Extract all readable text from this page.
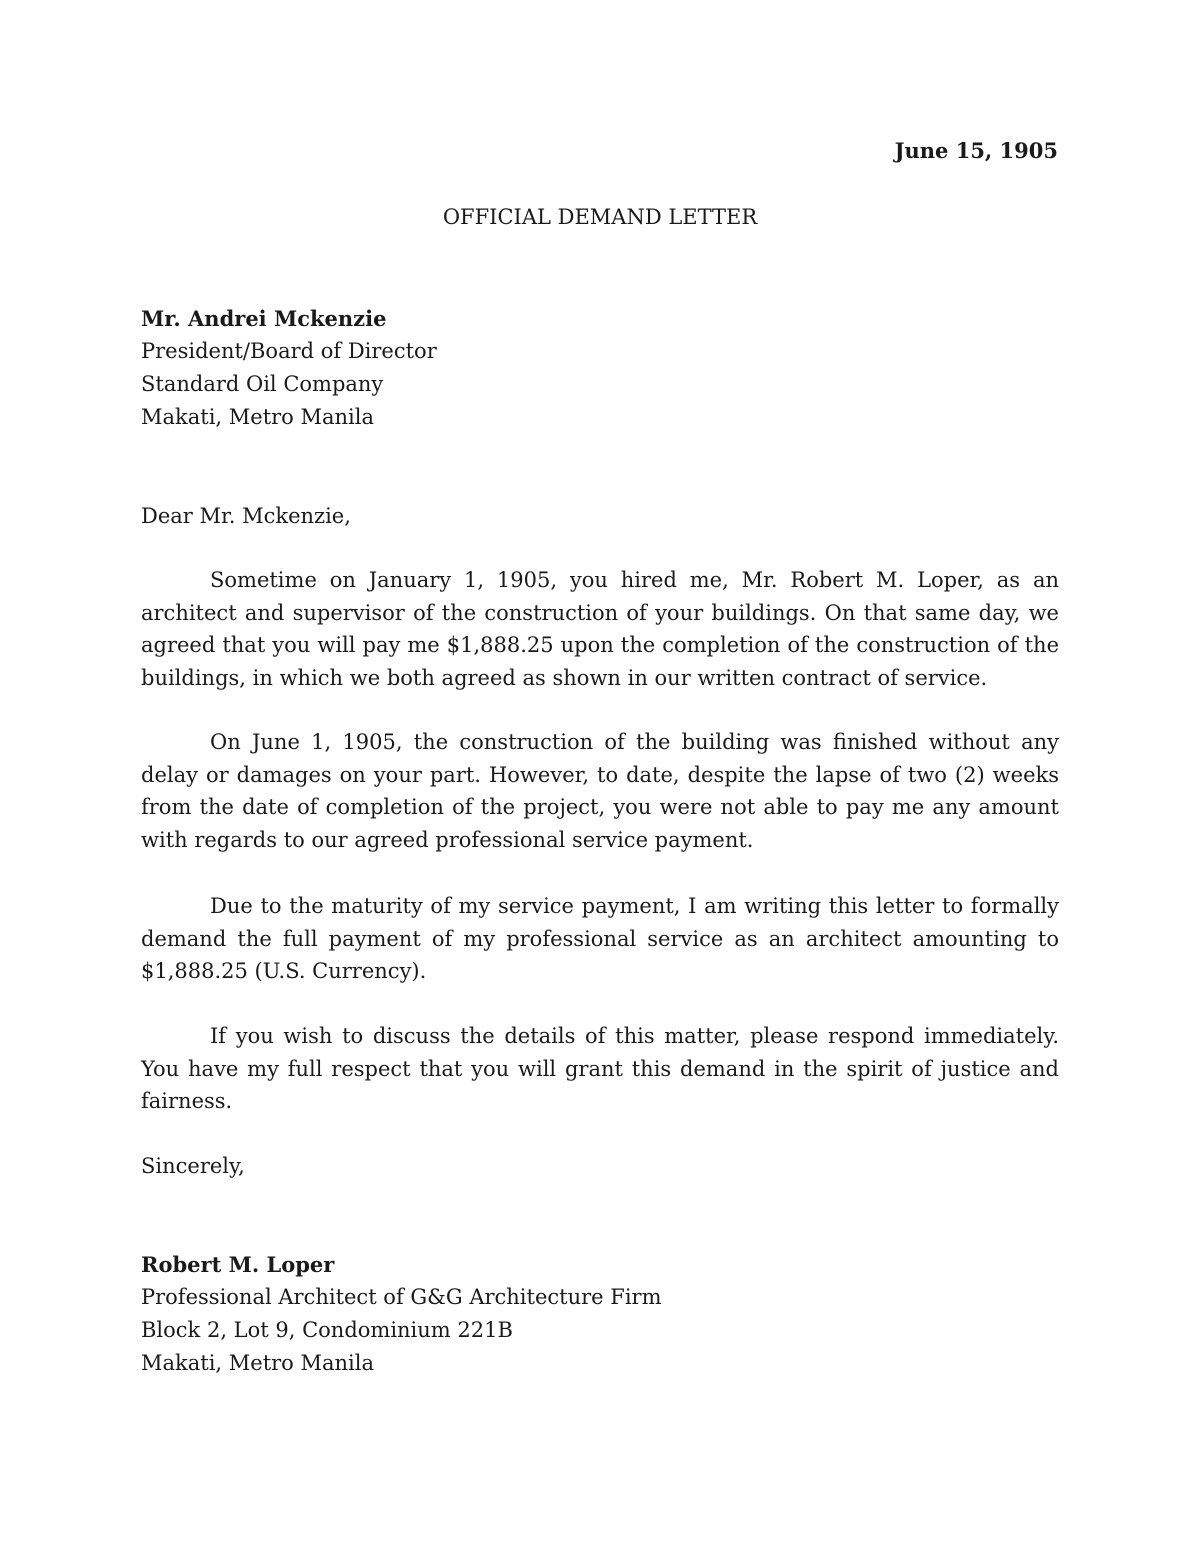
June 15, 1905
OFFICIAL DEMAND LETTER
Mr. Andrei Mckenzie
President/Board of Director
Standard Oil Company
Makati, Metro Manila
Dear Mr. Mckenzie,

Sometime on January 1, 1905, you hired me, Mr. Robert M. Loper, as an architect and supervisor of the construction of your buildings. On that same day, we agreed that you will pay me $1,888.25 upon the completion of the construction of the buildings, in which we both agreed as shown in our written contract of service.

On June 1, 1905, the construction of the building was finished without any delay or damages on your part. However, to date, despite the lapse of two (2) weeks from the date of completion of the project, you were not able to pay me any amount with regards to our agreed professional service payment.

Due to the maturity of my service payment, I am writing this letter to formally demand the full payment of my professional service as an architect amounting to $1,888.25 (U.S. Currency).

If you wish to discuss the details of this matter, please respond immediately. You have my full respect that you will grant this demand in the spirit of justice and fairness.

Sincerely,
Robert M. Loper
Professional Architect of G&G Architecture Firm
Block 2, Lot 9, Condominium 221B
Makati, Metro Manila
